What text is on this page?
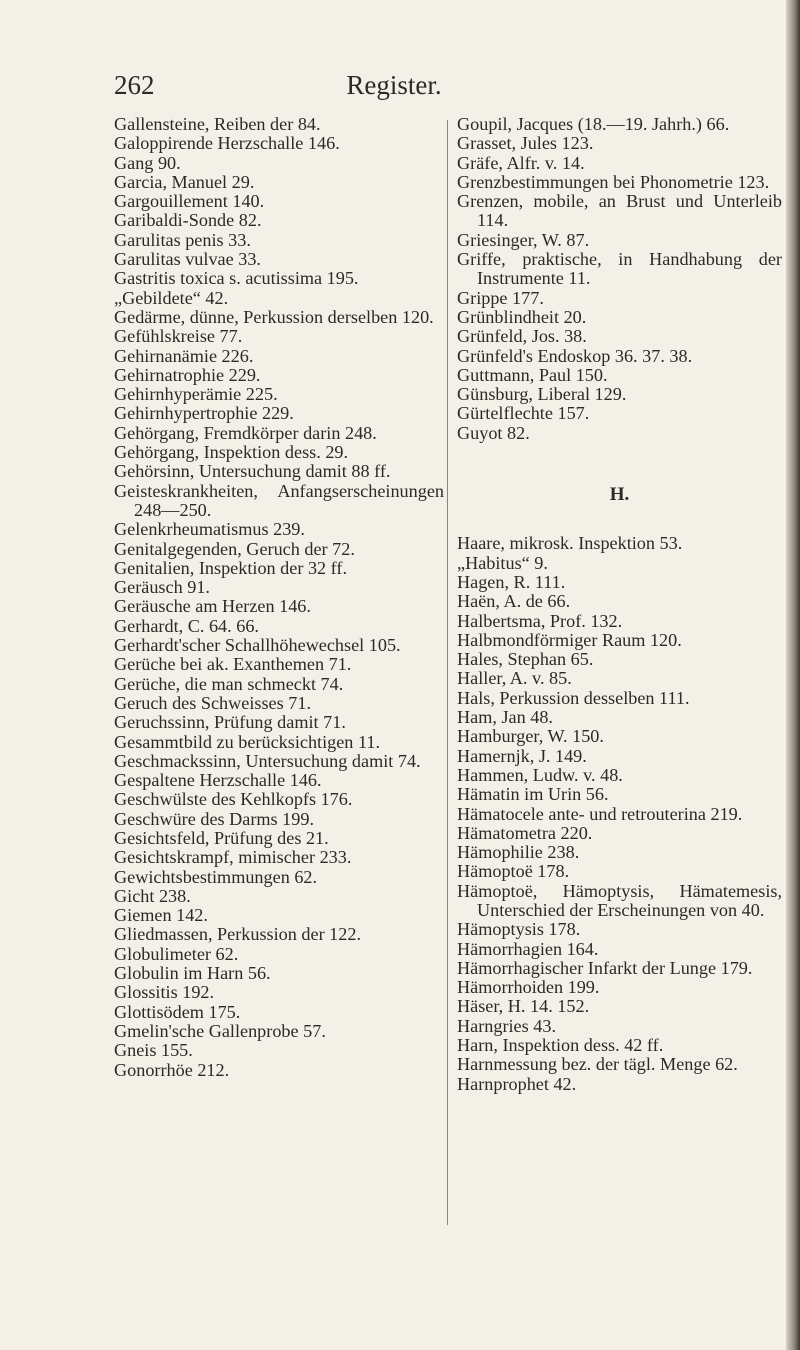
262	Register.
Gallensteine, Reiben der 84.
Galoppirende Herzschalle 146.
Gang 90.
Garcia, Manuel 29.
Gargouillement 140.
Garibaldi-Sonde 82.
Garulitas penis 33.
Garulitas vulvae 33.
Gastritis toxica s. acutissima 195.
„Gebildete“ 42.
Gedärme, dünne, Perkussion derselben 120.
Gefühlskreise 77.
Gehirnanämie 226.
Gehirnatrophie 229.
Gehirnhyperämie 225.
Gehirnhypertrophie 229.
Gehörgang, Fremdkörper darin 248.
Gehörgang, Inspektion dess. 29.
Gehörsinn, Untersuchung damit 88 ff.
Geisteskrankheiten, Anfangserscheinungen 248—250.
Gelenkrheumatismus 239.
Genitalgegenden, Geruch der 72.
Genitalien, Inspektion der 32 ff.
Geräusch 91.
Geräusche am Herzen 146.
Gerhardt, C. 64. 66.
Gerhardt'scher Schallhöhewechsel 105.
Gerüche bei ak. Exanthemen 71.
Gerüche, die man schmeckt 74.
Geruch des Schweisses 71.
Geruchssinn, Prüfung damit 71.
Gesammtbild zu berücksichtigen 11.
Geschmackssinn, Untersuchung damit 74.
Gespaltene Herzschalle 146.
Geschwülste des Kehlkopfs 176.
Geschwüre des Darms 199.
Gesichtsfeld, Prüfung des 21.
Gesichtskrampf, mimischer 233.
Gewichtsbestimmungen 62.
Gicht 238.
Giemen 142.
Gliedmassen, Perkussion der 122.
Globulimeter 62.
Globulin im Harn 56.
Glossitis 192.
Glottisödem 175.
Gmelin'sche Gallenprobe 57.
Gneis 155.
Gonorrhöe 212.
Goupil, Jacques (18.—19. Jahrh.) 66.
Grasset, Jules 123.
Gräfe, Alfr. v. 14.
Grenzbestimmungen bei Phonometrie 123.
Grenzen, mobile, an Brust und Unterleib 114.
Griesinger, W. 87.
Griffe, praktische, in Handhabung der Instrumente 11.
Grippe 177.
Grünblindheit 20.
Grünfeld, Jos. 38.
Grünfeld's Endoskop 36. 37. 38.
Guttmann, Paul 150.
Günsburg, Liberal 129.
Gürtelflechte 157.
Guyot 82.
H.
Haare, mikrosk. Inspektion 53.
„Habitus“ 9.
Hagen, R. 111.
Haën, A. de 66.
Halbertsma, Prof. 132.
Halbmondförmiger Raum 120.
Hales, Stephan 65.
Haller, A. v. 85.
Hals, Perkussion desselben 111.
Ham, Jan 48.
Hamburger, W. 150.
Hamernjk, J. 149.
Hammen, Ludw. v. 48.
Hämatin im Urin 56.
Hämatocele ante- und retrouterina 219.
Hämatometra 220.
Hämophilie 238.
Hämoptoë 178.
Hämoptoë, Hämoptysis, Hämatemesis, Unterschied der Erscheinungen von 40.
Hämoptysis 178.
Hämorrhagien 164.
Hämorrhagischer Infarkt der Lunge 179.
Hämorrhoiden 199.
Häser, H. 14. 152.
Harngries 43.
Harn, Inspektion dess. 42 ff.
Harnmessung bez. der tägl. Menge 62.
Harnprophet 42.
